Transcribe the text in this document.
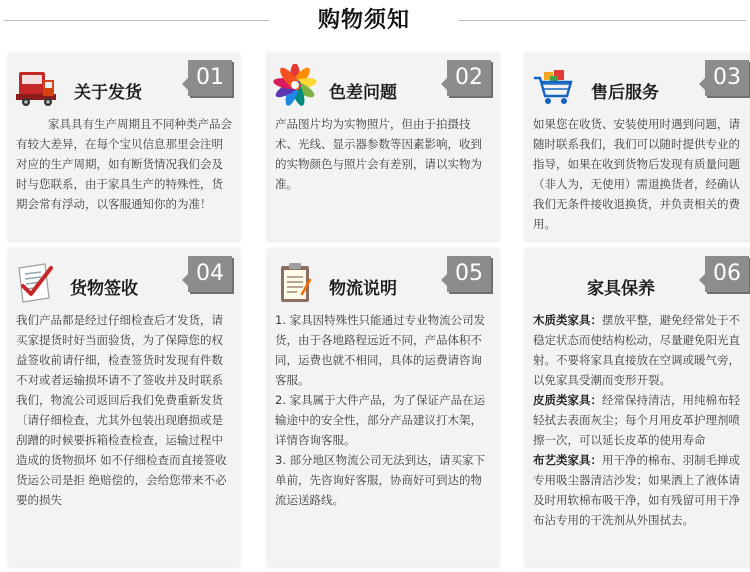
购物须知
关于发货
01

家具具有生产周期且不同种类产品会有较大差异，在每个宝贝信息那里会注明对应的生产周期，如有断货情况我们会及时与您联系，由于家具生产的特殊性，货期会常有浮动，以客服通知你的为准！

色差问题
02

产品图片均为实物照片，但由于拍摄技术、光线、显示器参数等因素影响，收到的实物颜色与照片会有差别，请以实物为准。

售后服务
03

如果您在收货、安装使用时遇到问题，请随时联系我们，我们可以随时提供专业的指导，如果在收到货物后发现有质量问题（非人为，无使用）需退换货者，经确认我们无条件接收退换货，并负责相关的费用。

货物签收
04

我们产品都是经过仔细检查后才发货，请买家提货时好当面验货，为了保障您的权益签收前请仔细，检查签货时发现有件数不对或者运输损坏请不了签收并及时联系我们，物流公司返回后我们免费重新发货〔请仔细检查，尤其外包装出现磨损或是刮蹭的时候要拆箱检查检查，运输过程中造成的货物损坏 如不仔细检查而直接签收货运公司是拒 绝赔偿的，会给您带来不必要的损失

物流说明
05

1. 家具因特殊性只能通过专业物流公司发货，由于各地路程远近不同，产品体积不同，运费也就不相同，具体的运费请咨询客服。

2. 家具属于大件产品，为了保证产品在运输途中的安全性，部分产品建议打木架，详情咨询客服。

3. 部分地区物流公司无法到达，请买家下单前，先咨询好客服，协商好可到达的物流运送路线。

家具保养
06

木质类家具：摆放平整，避免经常处于不稳定状态而使结构松动，尽量避免阳光直射。不要将家具直接放在空调或暖气旁，以免家具受潮而变形开裂。

皮质类家具：经常保持清洁，用纯棉布轻轻拭去表面灰尘；每个月用皮革护理剂喷擦一次，可以延长皮革的使用寿命

布艺类家具：用干净的棉布、羽制毛掸或专用吸尘器清洁沙发；如果洒上了液体请及时用软棉布吸干净，如有残留可用干净布沾专用的干洗剂从外围拭去。
